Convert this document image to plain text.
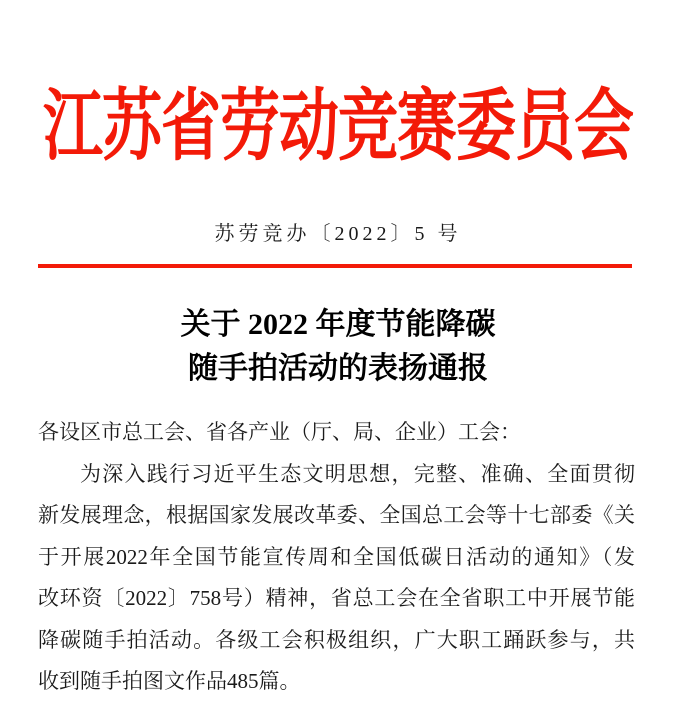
江苏省劳动竞赛委员会
苏劳竞办〔2022〕5 号
关于 2022 年度节能降碳
随手拍活动的表扬通报
各设区市总工会、省各产业（厅、局、企业）工会：
为深入践行习近平生态文明思想，完整、准确、全面贯彻
新发展理念，根据国家发展改革委、全国总工会等十七部委《关
于开展2022年全国节能宣传周和全国低碳日活动的通知》（发
改环资〔2022〕758号）精神，省总工会在全省职工中开展节能
降碳随手拍活动。各级工会积极组织，广大职工踊跃参与，共
收到随手拍图文作品485篇。
